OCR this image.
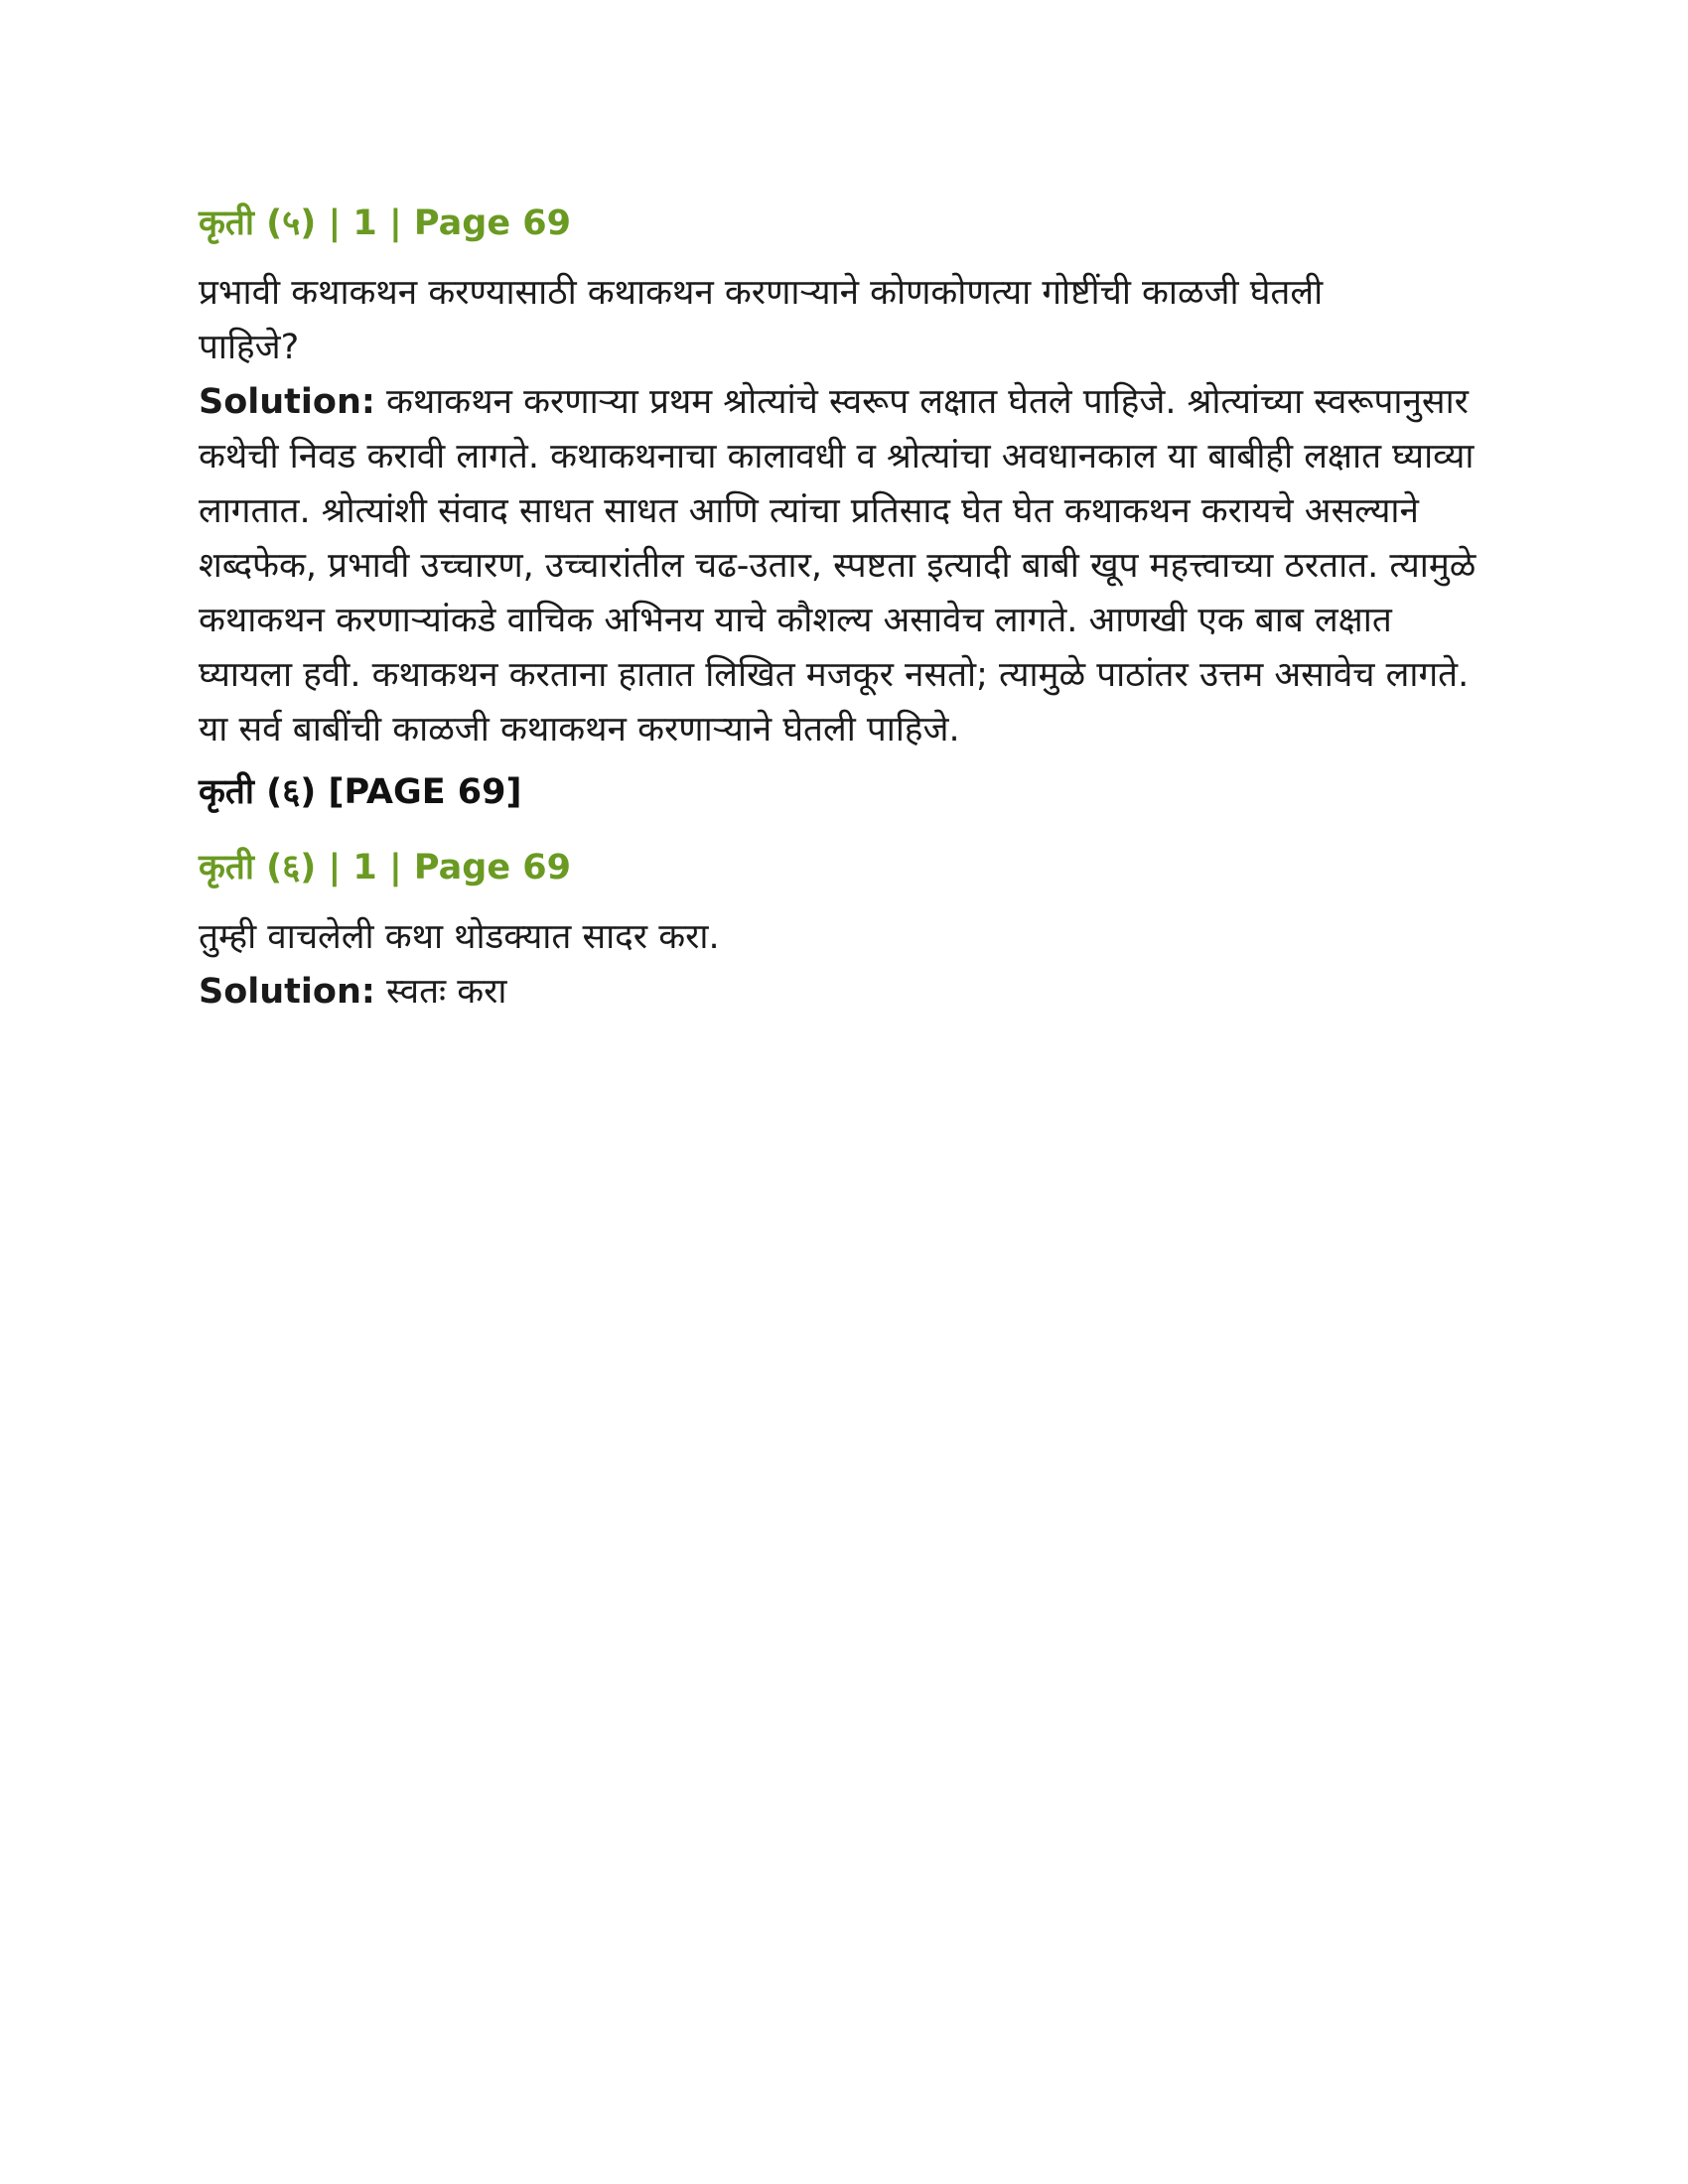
कृती (५) | 1 | Page 69

प्रभावी कथाकथन करण्यासाठी कथाकथन करणाऱ्याने कोणकोणत्या गोष्टींची काळजी घेतली
पाहिजे?

Solution: कथाकथन करणाऱ्या प्रथम श्रोत्यांचे स्वरूप लक्षात घेतले पाहिजे. श्रोत्यांच्या स्वरूपानुसार कथेची निवड करावी लागते. कथाकथनाचा कालावधी व श्रोत्यांचा अवधानकाल या बाबीही लक्षात घ्याव्या लागतात. श्रोत्यांशी संवाद साधत साधत आणि त्यांचा प्रतिसाद घेत घेत कथाकथन करायचे असल्याने शब्दफेक, प्रभावी उच्चारण, उच्चारांतील चढ-उतार, स्पष्टता इत्यादी बाबी खूप महत्त्वाच्या ठरतात. त्यामुळे कथाकथन करणाऱ्यांकडे वाचिक अभिनय याचे कौशल्य असावेच लागते. आणखी एक बाब लक्षात घ्यायला हवी. कथाकथन करताना हातात लिखित मजकूर नसतो; त्यामुळे पाठांतर उत्तम असावेच लागते. या सर्व बाबींची काळजी कथाकथन करणाऱ्याने घेतली पाहिजे.

कृती (६) [PAGE 69]
कृती (६) | 1 | Page 69

तुम्ही वाचलेली कथा थोडक्यात सादर करा.

Solution: स्वतः करा
